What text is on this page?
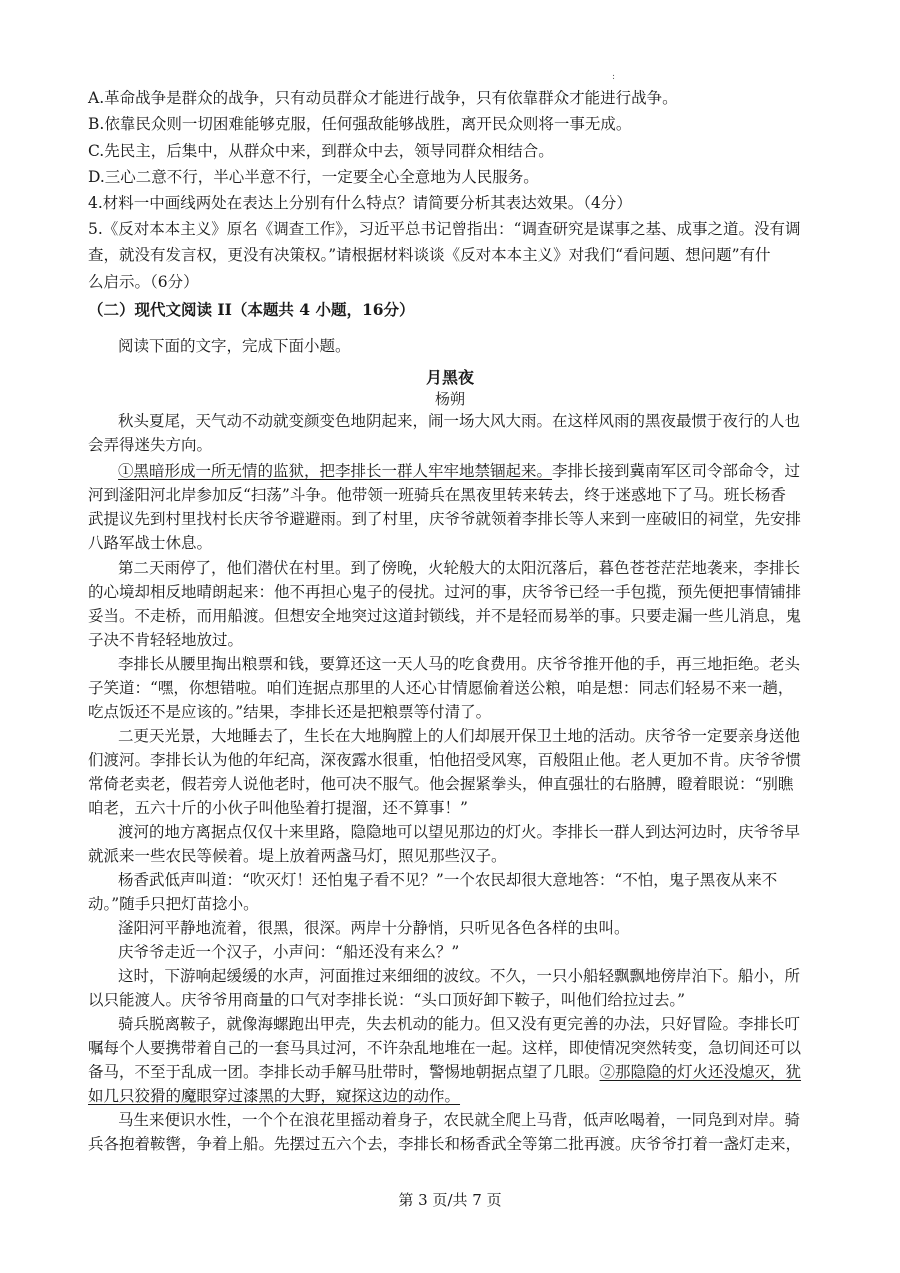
:
A.革命战争是群众的战争，只有动员群众才能进行战争，只有依靠群众才能进行战争。
B.依靠民众则一切困难能够克服，任何强敌能够战胜，离开民众则将一事无成。
C.先民主，后集中，从群众中来，到群众中去，领导同群众相结合。
D.三心二意不行，半心半意不行，一定要全心全意地为人民服务。
4.材料一中画线两处在表达上分别有什么特点？请简要分析其表达效果。（4分）
5.《反对本本主义》原名《调查工作》，习近平总书记曾指出：“调查研究是谋事之基、成事之道。没有调
查，就没有发言权，更没有决策权。”请根据材料谈谈《反对本本主义》对我们“看问题、想问题”有什
么启示。（6分）
（二）现代文阅读 II（本题共 4 小题，16分）
阅读下面的文字，完成下面小题。
月黑夜
杨朔
秋头夏尾，天气动不动就变颜变色地阴起来，闹一场大风大雨。在这样风雨的黑夜最惯于夜行的人也
会弄得迷失方向。
①黑暗形成一所无情的监狱，把李排长一群人牢牢地禁锢起来。李排长接到冀南军区司令部命令，过
河到滏阳河北岸参加反“扫荡”斗争。他带领一班骑兵在黑夜里转来转去，终于迷惑地下了马。班长杨香
武提议先到村里找村长庆爷爷避避雨。到了村里，庆爷爷就领着李排长等人来到一座破旧的祠堂，先安排
八路军战士休息。
第二天雨停了，他们潜伏在村里。到了傍晚，火轮般大的太阳沉落后，暮色苍苍茫茫地袭来，李排长
的心境却相反地晴朗起来：他不再担心鬼子的侵扰。过河的事，庆爷爷已经一手包揽，预先便把事情铺排
妥当。不走桥，而用船渡。但想安全地突过这道封锁线，并不是轻而易举的事。只要走漏一些儿消息，鬼
子决不肯轻轻地放过。
李排长从腰里掏出粮票和钱，要算还这一天人马的吃食费用。庆爷爷推开他的手，再三地拒绝。老头
子笑道：“嘿，你想错啦。咱们连据点那里的人还心甘情愿偷着送公粮，咱是想：同志们轻易不来一趟，
吃点饭还不是应该的。”结果，李排长还是把粮票等付清了。
二更天光景，大地睡去了，生长在大地胸膛上的人们却展开保卫土地的活动。庆爷爷一定要亲身送他
们渡河。李排长认为他的年纪高，深夜露水很重，怕他招受风寒，百般阻止他。老人更加不肯。庆爷爷惯
常倚老卖老，假若旁人说他老时，他可决不服气。他会握紧拳头，伸直强壮的右胳膊，瞪着眼说：“别瞧
咱老，五六十斤的小伙子叫他坠着打提溜，还不算事！”
渡河的地方离据点仅仅十来里路，隐隐地可以望见那边的灯火。李排长一群人到达河边时，庆爷爷早
就派来一些农民等候着。堤上放着两盏马灯，照见那些汉子。
杨香武低声叫道：“吹灭灯！还怕鬼子看不见？”一个农民却很大意地答：“不怕，鬼子黑夜从来不
动。”随手只把灯苗捻小。
滏阳河平静地流着，很黑，很深。两岸十分静悄，只听见各色各样的虫叫。
庆爷爷走近一个汉子，小声问：“船还没有来么？”
这时，下游响起缓缓的水声，河面推过来细细的波纹。不久，一只小船轻飘飘地傍岸泊下。船小，所
以只能渡人。庆爷爷用商量的口气对李排长说：“头口顶好卸下鞍子，叫他们给拉过去。”
骑兵脱离鞍子，就像海螺跑出甲壳，失去机动的能力。但又没有更完善的办法，只好冒险。李排长叮
嘱每个人要携带着自己的一套马具过河，不许杂乱地堆在一起。这样，即使情况突然转变，急切间还可以
备马，不至于乱成一团。李排长动手解马肚带时，警惕地朝据点望了几眼。②那隐隐的灯火还没熄灭，犹
如几只狡猾的魔眼穿过漆黑的大野，窥探这边的动作。
马生来便识水性，一个个在浪花里摇动着身子，农民就全爬上马背，低声吆喝着，一同凫到对岸。骑
兵各抱着鞍辔，争着上船。先摆过五六个去，李排长和杨香武全等第二批再渡。庆爷爷打着一盏灯走来，
第 3 页/共 7 页
